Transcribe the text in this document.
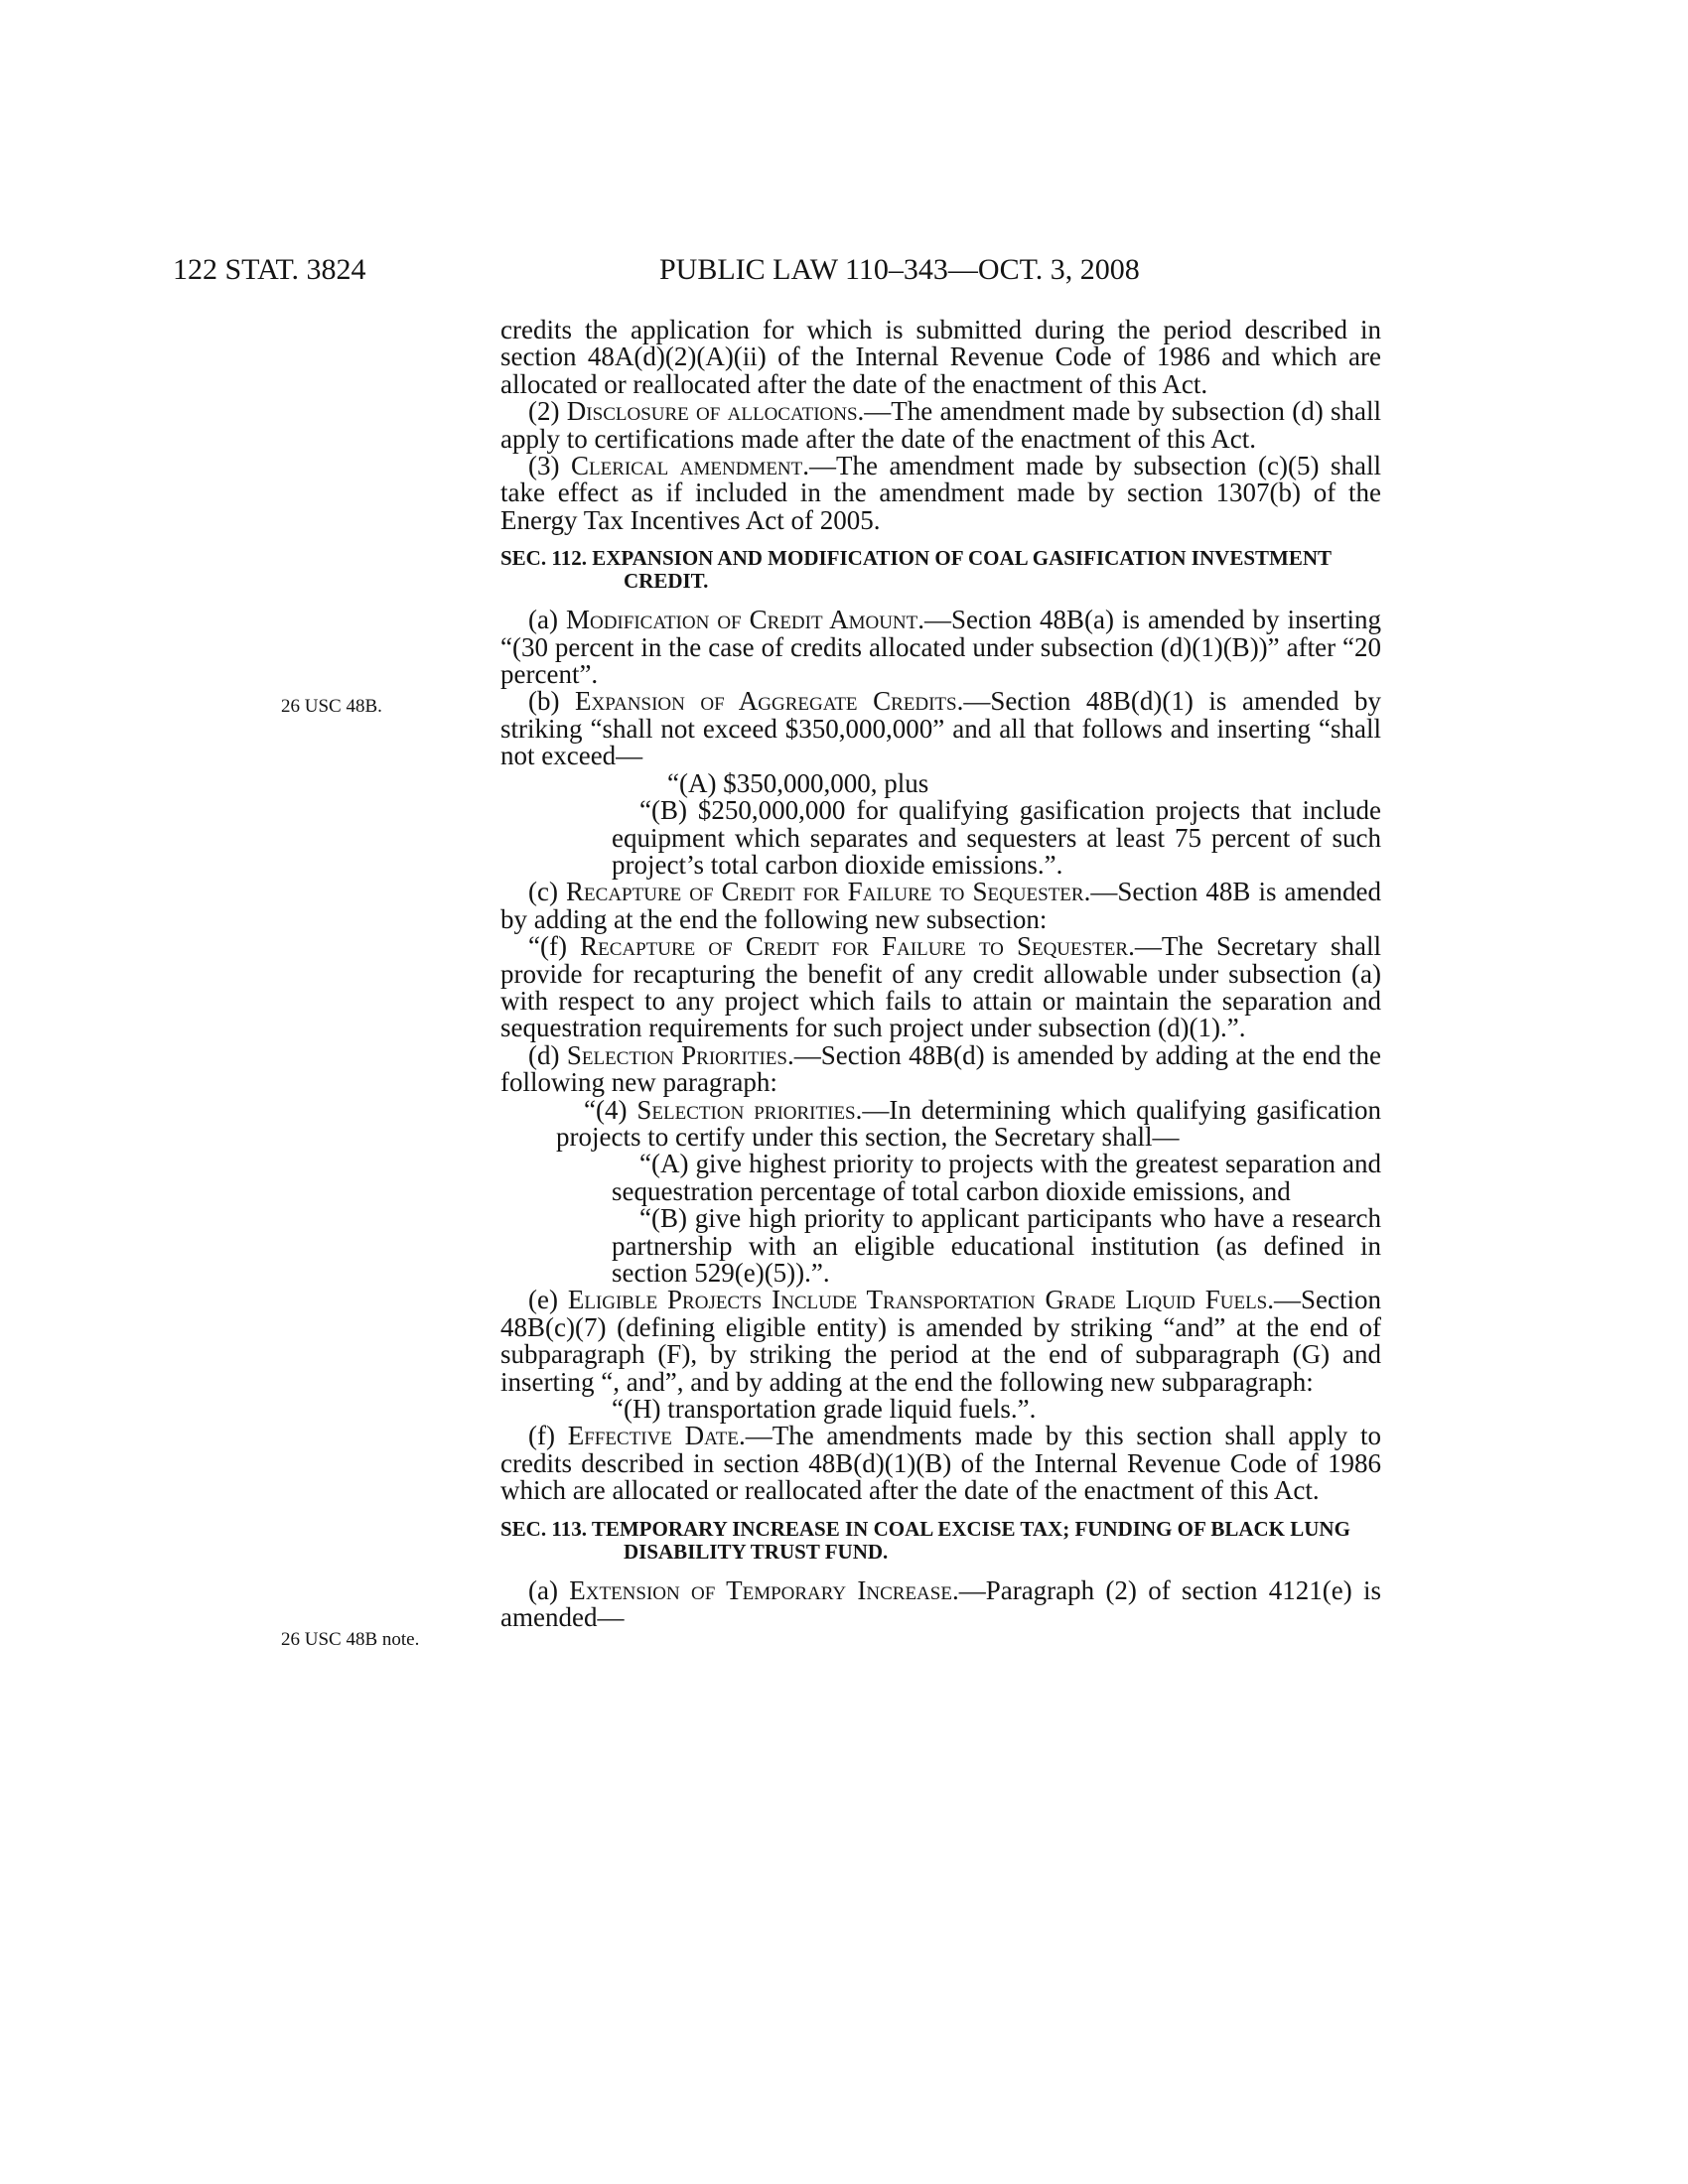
122 STAT. 3824	PUBLIC LAW 110–343—OCT. 3, 2008
26 USC 48B.
26 USC 48B note.

credits the application for which is submitted during the period described in section 48A(d)(2)(A)(ii) of the Internal Revenue Code of 1986 and which are allocated or reallocated after the date of the enactment of this Act.

(2) Disclosure of allocations.—The amendment made by subsection (d) shall apply to certifications made after the date of the enactment of this Act.

(3) Clerical amendment.—The amendment made by subsection (c)(5) shall take effect as if included in the amendment made by section 1307(b) of the Energy Tax Incentives Act of 2005.

SEC. 112. EXPANSION AND MODIFICATION OF COAL GASIFICATION INVESTMENT CREDIT.

(a) Modification of Credit Amount.—Section 48B(a) is amended by inserting “(30 percent in the case of credits allocated under subsection (d)(1)(B))” after “20 percent”.

(b) Expansion of Aggregate Credits.—Section 48B(d)(1) is amended by striking “shall not exceed $350,000,000” and all that follows and inserting “shall not exceed—

“(A) $350,000,000, plus

“(B) $250,000,000 for qualifying gasification projects that include equipment which separates and sequesters at least 75 percent of such project’s total carbon dioxide emissions.”.

(c) Recapture of Credit for Failure to Sequester.—Section 48B is amended by adding at the end the following new subsection:

“(f) Recapture of Credit for Failure to Sequester.—The Secretary shall provide for recapturing the benefit of any credit allowable under subsection (a) with respect to any project which fails to attain or maintain the separation and sequestration requirements for such project under subsection (d)(1).”.

(d) Selection Priorities.—Section 48B(d) is amended by adding at the end the following new paragraph:

“(4) Selection priorities.—In determining which qualifying gasification projects to certify under this section, the Secretary shall—

“(A) give highest priority to projects with the greatest separation and sequestration percentage of total carbon dioxide emissions, and

“(B) give high priority to applicant participants who have a research partnership with an eligible educational institution (as defined in section 529(e)(5)).”.

(e) Eligible Projects Include Transportation Grade Liquid Fuels.—Section 48B(c)(7) (defining eligible entity) is amended by striking “and” at the end of subparagraph (F), by striking the period at the end of subparagraph (G) and inserting “, and”, and by adding at the end the following new subparagraph:

“(H) transportation grade liquid fuels.”.

(f) Effective Date.—The amendments made by this section shall apply to credits described in section 48B(d)(1)(B) of the Internal Revenue Code of 1986 which are allocated or reallocated after the date of the enactment of this Act.

SEC. 113. TEMPORARY INCREASE IN COAL EXCISE TAX; FUNDING OF BLACK LUNG DISABILITY TRUST FUND.

(a) Extension of Temporary Increase.—Paragraph (2) of section 4121(e) is amended—
